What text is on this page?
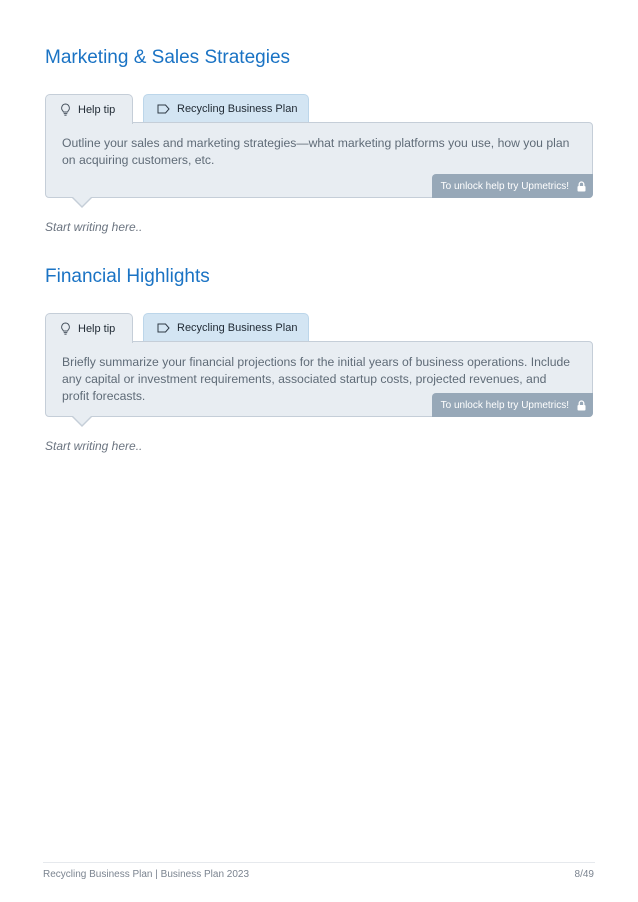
Marketing & Sales Strategies
Help tip	Recycling Business Plan

Outline your sales and marketing strategies—what marketing platforms you use, how you plan on acquiring customers, etc.

To unlock help try Upmetrics!
Start writing here..
Financial Highlights
Help tip	Recycling Business Plan

Briefly summarize your financial projections for the initial years of business operations. Include any capital or investment requirements, associated startup costs, projected revenues, and profit forecasts.

To unlock help try Upmetrics!
Start writing here..
Recycling Business Plan | Business Plan 2023	8/49
